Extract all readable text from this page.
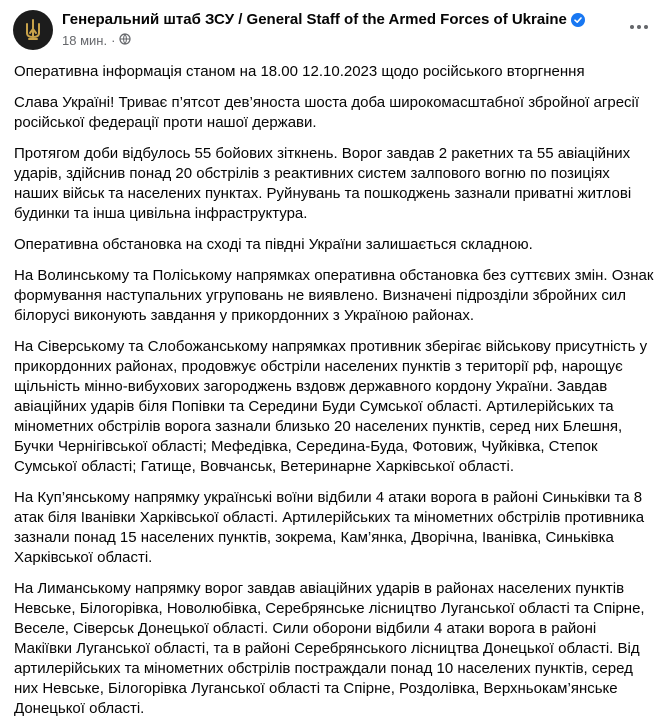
Генеральний штаб ЗСУ / General Staff of the Armed Forces of Ukraine
18 мин. ·

Оперативна інформація станом на 18.00 12.10.2023 щодо російського вторгнення

Слава Україні! Триває п’ятсот дев’яноста шоста доба широкомасштабної збройної агресії російської федерації проти нашої держави.

Протягом доби відбулось 55 бойових зіткнень. Ворог завдав 2 ракетних та 55 авіаційних ударів, здійснив понад 20 обстрілів з реактивних систем залпового вогню по позиціях наших військ та населених пунктах. Руйнувань та пошкоджень зазнали приватні житлові будинки та інша цивільна інфраструктура.

Оперативна обстановка на сході та півдні України залишається складною.

На Волинському та Поліському напрямках оперативна обстановка без суттєвих змін. Ознак формування наступальних угруповань не виявлено. Визначені підрозділи збройних сил білорусі виконують завдання у прикордонних з Україною районах.

На Сіверському та Слобожанському напрямках противник зберігає військову присутність у прикордонних районах, продовжує обстріли населених пунктів з території рф, нарощує щільність мінно-вибухових загороджень вздовж державного кордону України. Завдав авіаційних ударів біля Попівки та Середини Буди Сумської області. Артилерійських та мінометних обстрілів ворога зазнали близько 20 населених пунктів, серед них Блешня, Бучки Чернігівської області; Мефедівка, Середина-Буда, Фотовиж, Чуйківка, Степок Сумської області; Гатище, Вовчанськ, Ветеринарне Харківської області.

На Куп’янському напрямку українські воїни відбили 4 атаки ворога в районі Синьківки та 8 атак біля Іванівки Харківської області. Артилерійських та мінометних обстрілів противника зазнали понад 15 населених пунктів, зокрема, Кам’янка, Дворічна, Іванівка, Синьківка Харківської області.

На Лиманському напрямку ворог завдав авіаційних ударів в районах населених пунктів Невське, Білогорівка, Новолюбівка, Серебрянське лісництво Луганської області та Спірне, Веселе, Сіверськ Донецької області. Сили оборони відбили 4 атаки ворога в районі Макіївки Луганської області, та в районі Серебрянського лісництва Донецької області. Від артилерійських та мінометних обстрілів постраждали понад 10 населених пунктів, серед них Невське, Білогорівка Луганської області та Спірне, Роздолівка, Верхньокам’янське Донецької області.
